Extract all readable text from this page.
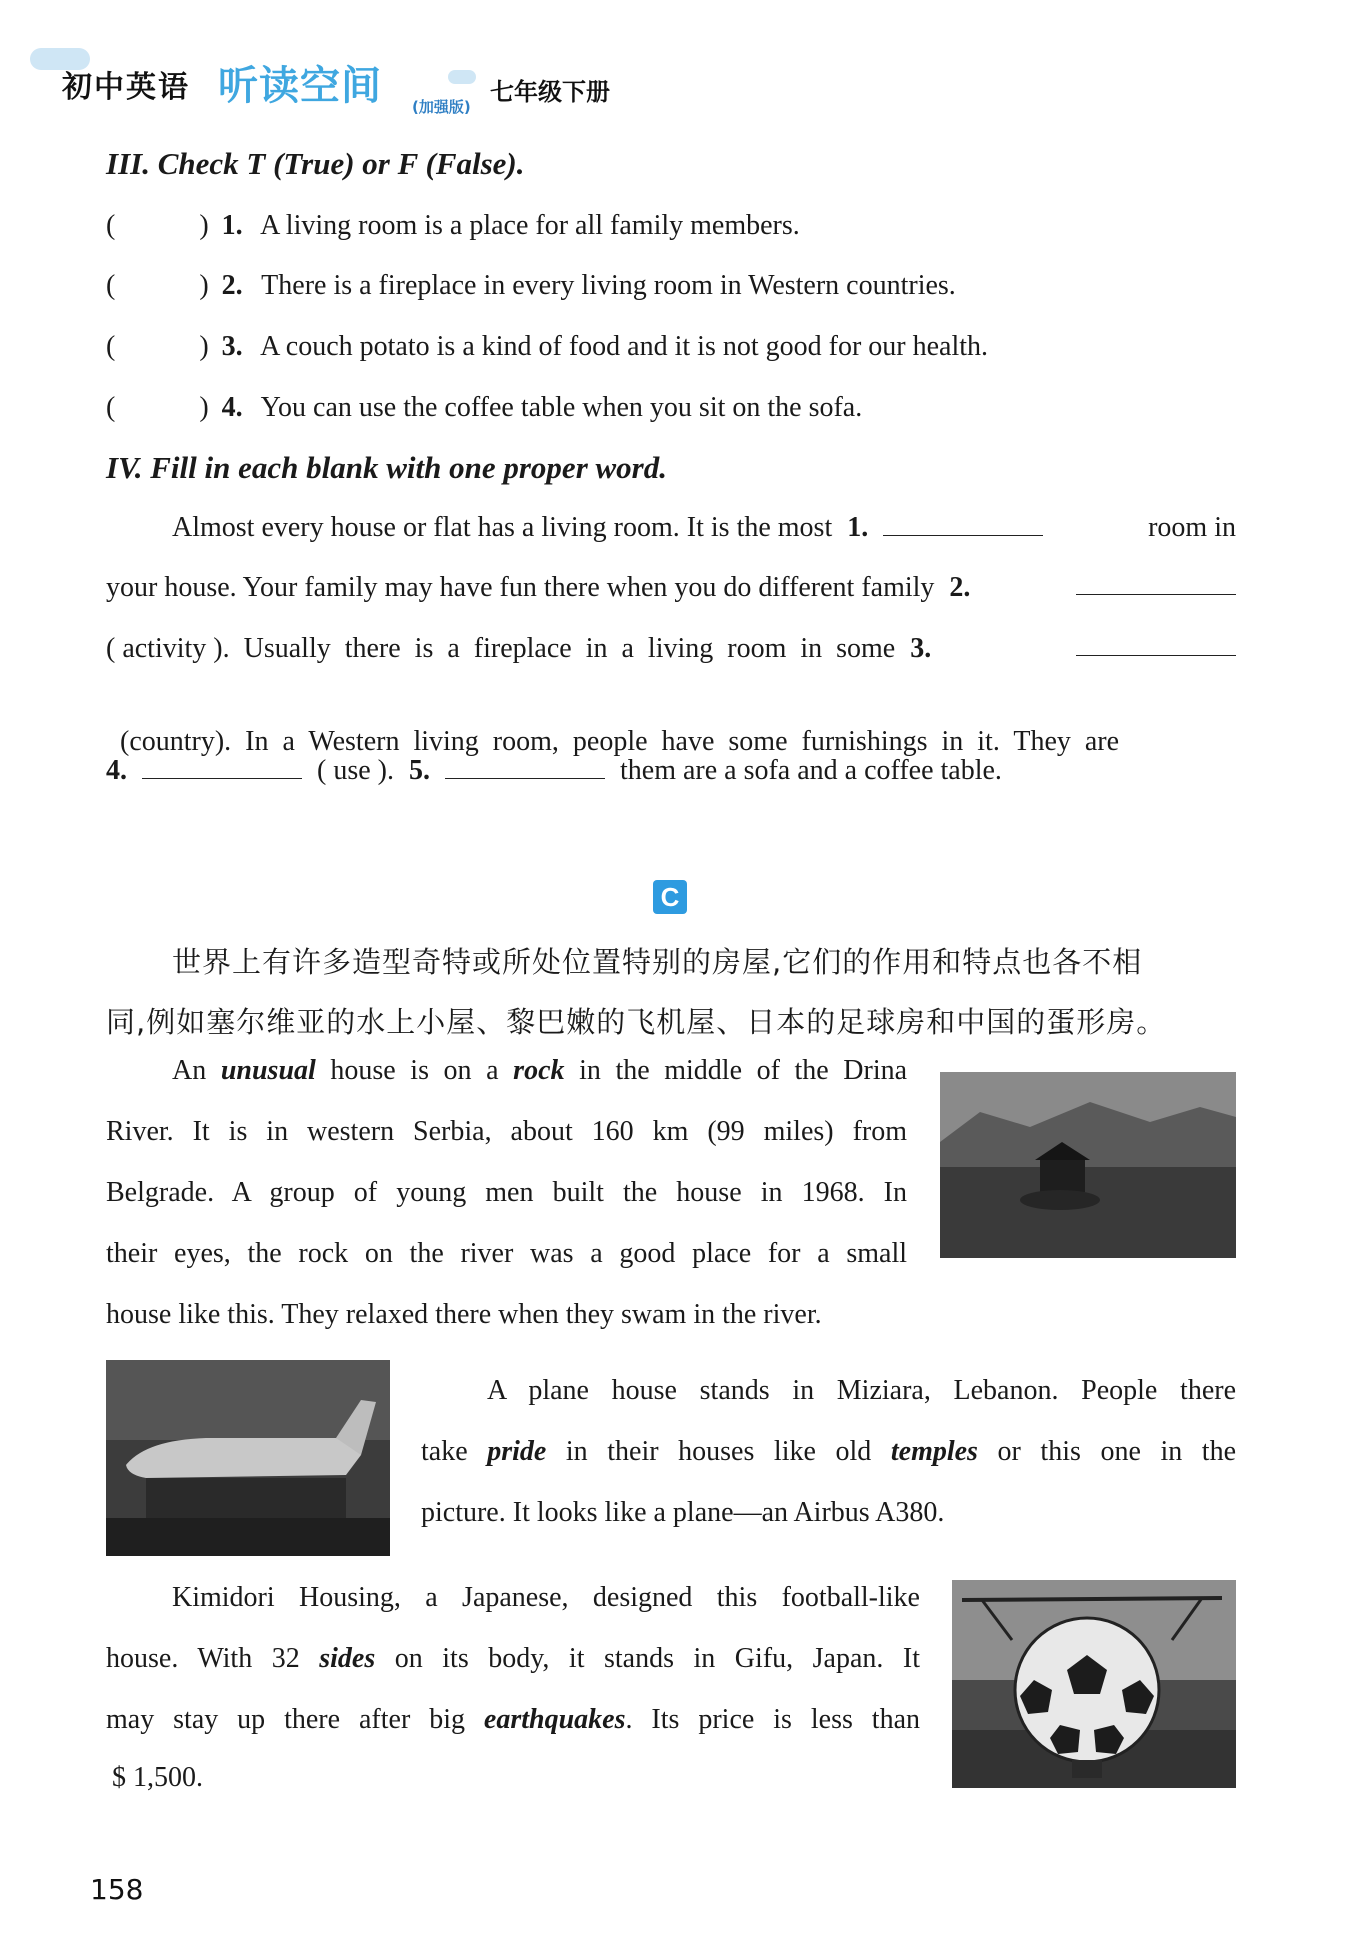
初中英语 听读空间 (加强版)
七年级下册
III. Check T (True) or F (False).
(	) 1. A living room is a place for all family members.
(	) 2. There is a fireplace in every living room in Western countries.
(	) 3. A couch potato is a kind of food and it is not good for our health.
(	) 4. You can use the coffee table when you sit on the sofa.
IV. Fill in each blank with one proper word.
Almost every house or flat has a living room. It is the most 1.	room in
your house. Your family may have fun there when you do different family 2.
( activity ).  Usually  there  is  a  fireplace  in  a  living  room  in  some 3.

(country).  In  a  Western  living  room,  people  have  some  furnishings  in  it.  They  are

4.	( use ). 5.	them are a sofa and a coffee table.
C
世界上有许多造型奇特或所处位置特别的房屋,它们的作用和特点也各不相
同,例如塞尔维亚的水上小屋、黎巴嫩的飞机屋、日本的足球房和中国的蛋形房。
An unusual house is on a rock in the middle of the Drina
River. It is in western Serbia, about 160 km (99 miles) from
Belgrade. A group of young men built the house in 1968. In
their eyes, the rock on the river was a good place for a small
house like this. They relaxed there when they swam in the river.
A plane house stands in Miziara, Lebanon. People there
take pride in their houses like old temples or this one in the
picture. It looks like a plane—an Airbus A380.
Kimidori Housing, a Japanese, designed this football-like
house. With 32 sides on its body, it stands in Gifu, Japan. It
may stay up there after big earthquakes. Its price is less than
$ 1,500.
158
